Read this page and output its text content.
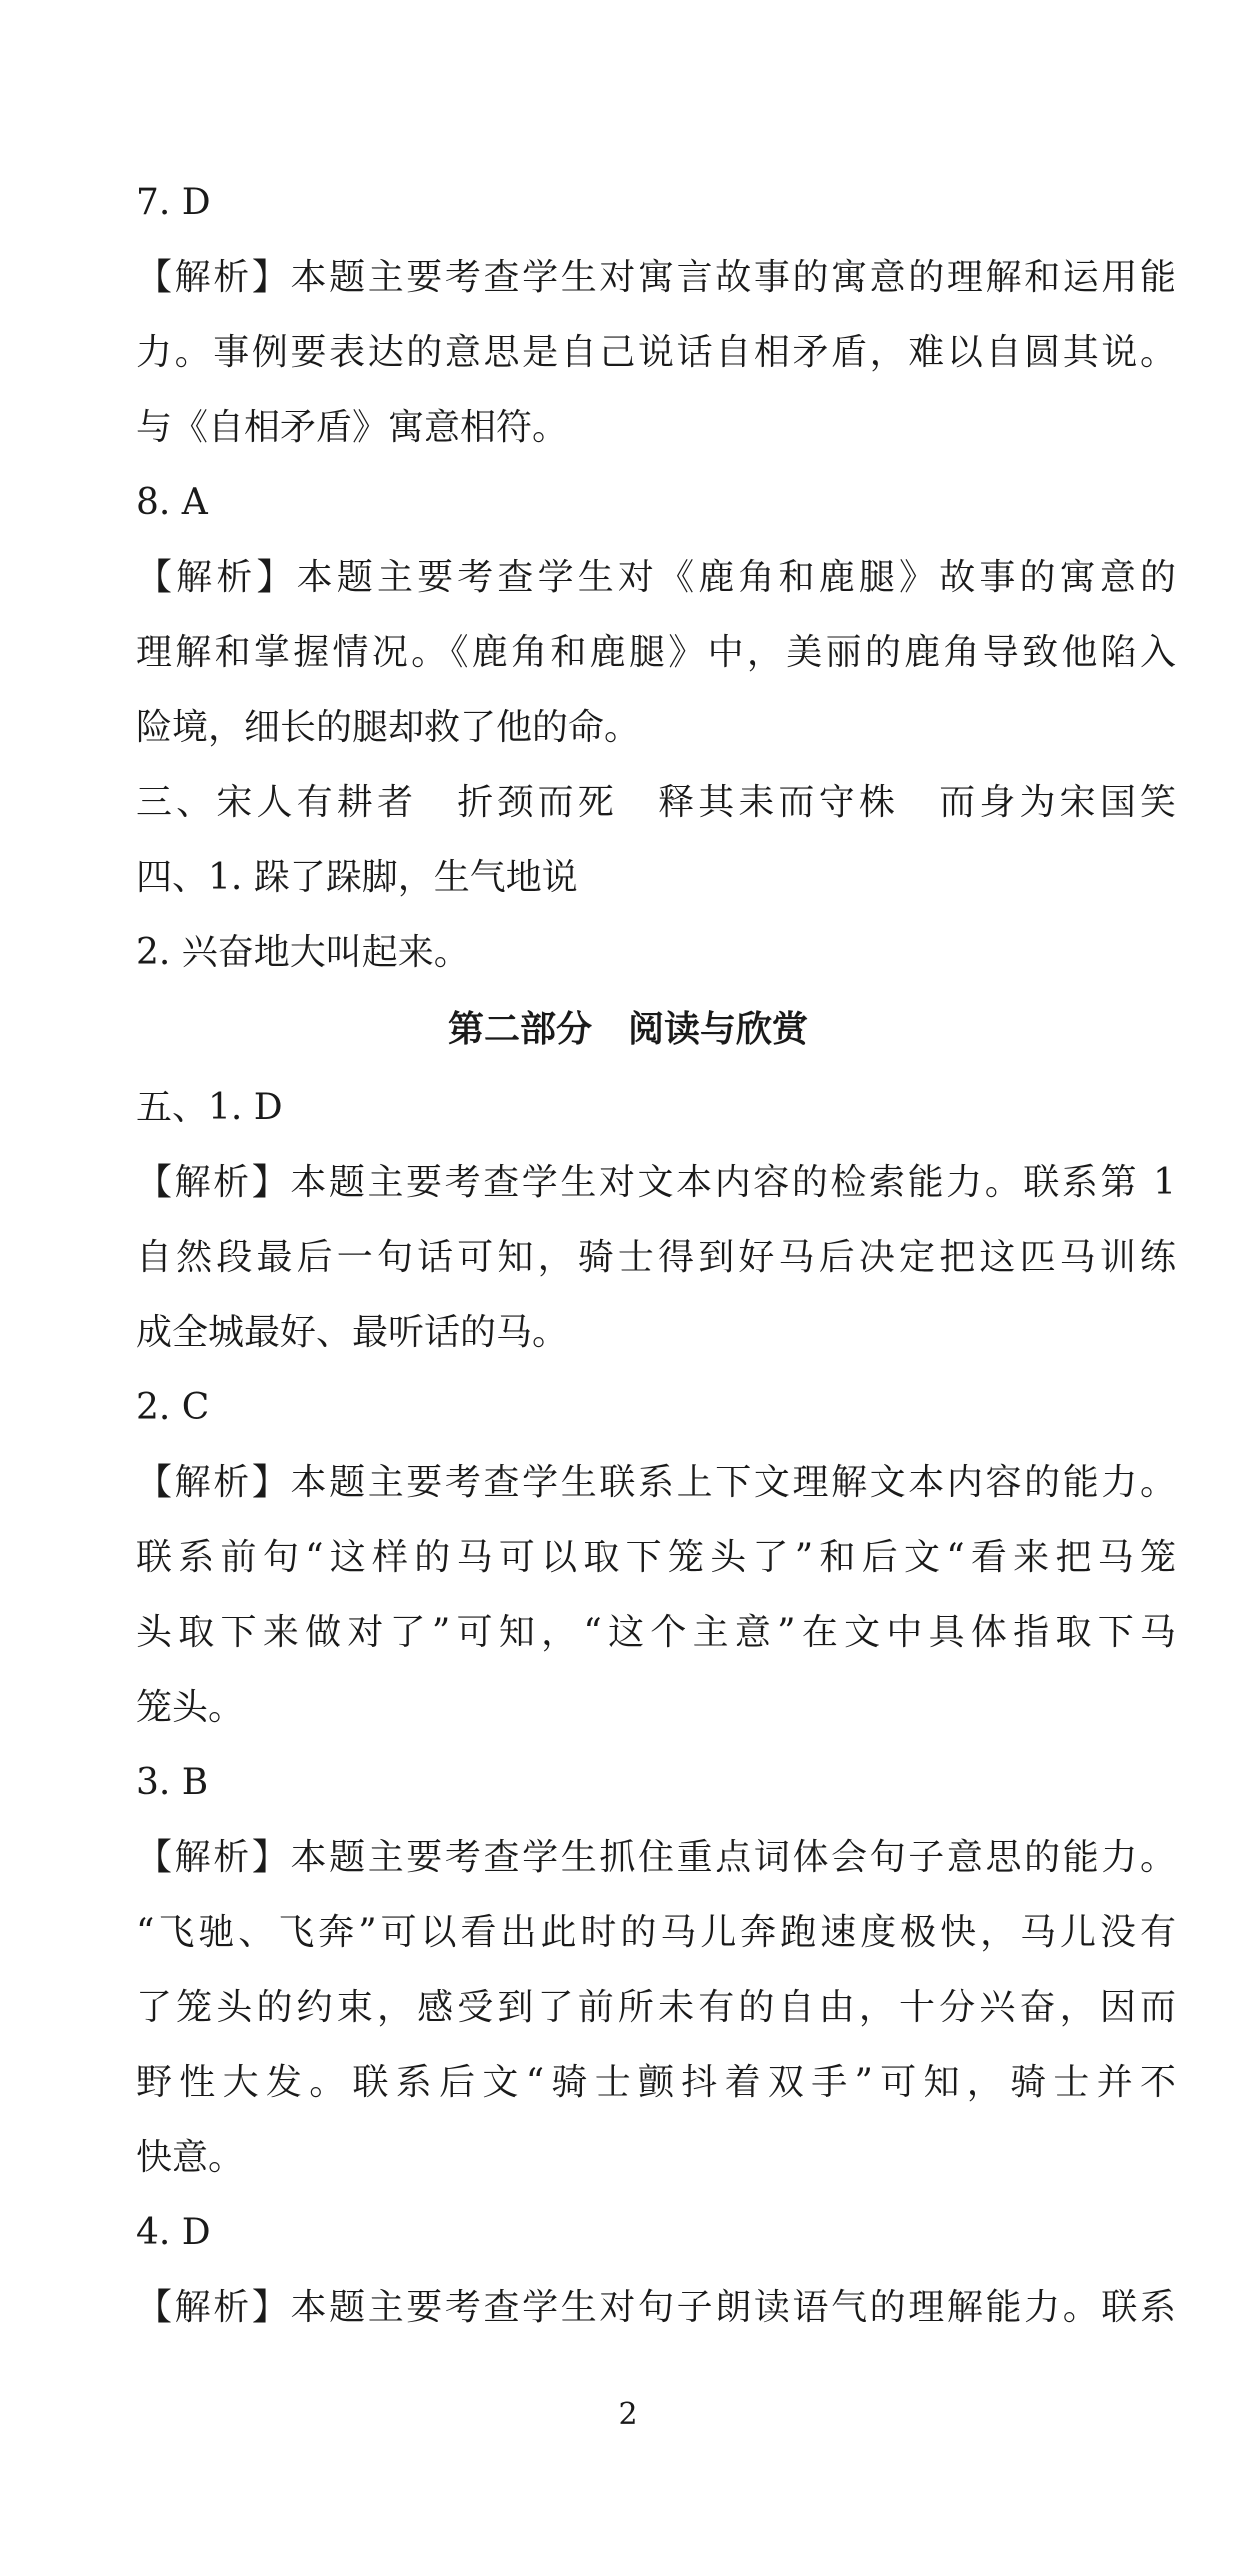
7. D
【解析】本题主要考查学生对寓言故事的寓意的理解和运用能
力。事例要表达的意思是自己说话自相矛盾，难以自圆其说。
与《自相矛盾》寓意相符。
8. A
【解析】本题主要考查学生对《鹿角和鹿腿》故事的寓意的
理解和掌握情况。《鹿角和鹿腿》中，美丽的鹿角导致他陷入
险境，细长的腿却救了他的命。
三、宋人有耕者　折颈而死　释其耒而守株　而身为宋国笑
四、1. 跺了跺脚，生气地说
2. 兴奋地大叫起来。
第二部分　阅读与欣赏
五、1. D
【解析】本题主要考查学生对文本内容的检索能力。联系第 1
自然段最后一句话可知，骑士得到好马后决定把这匹马训练
成全城最好、最听话的马。
2. C
【解析】本题主要考查学生联系上下文理解文本内容的能力。
联系前句“这样的马可以取下笼头了”和后文“看来把马笼
头取下来做对了”可知，“这个主意”在文中具体指取下马
笼头。
3. B
【解析】本题主要考查学生抓住重点词体会句子意思的能力。
“飞驰、飞奔”可以看出此时的马儿奔跑速度极快，马儿没有
了笼头的约束，感受到了前所未有的自由，十分兴奋，因而
野性大发。联系后文“骑士颤抖着双手”可知，骑士并不
快意。
4. D
【解析】本题主要考查学生对句子朗读语气的理解能力。联系
2
